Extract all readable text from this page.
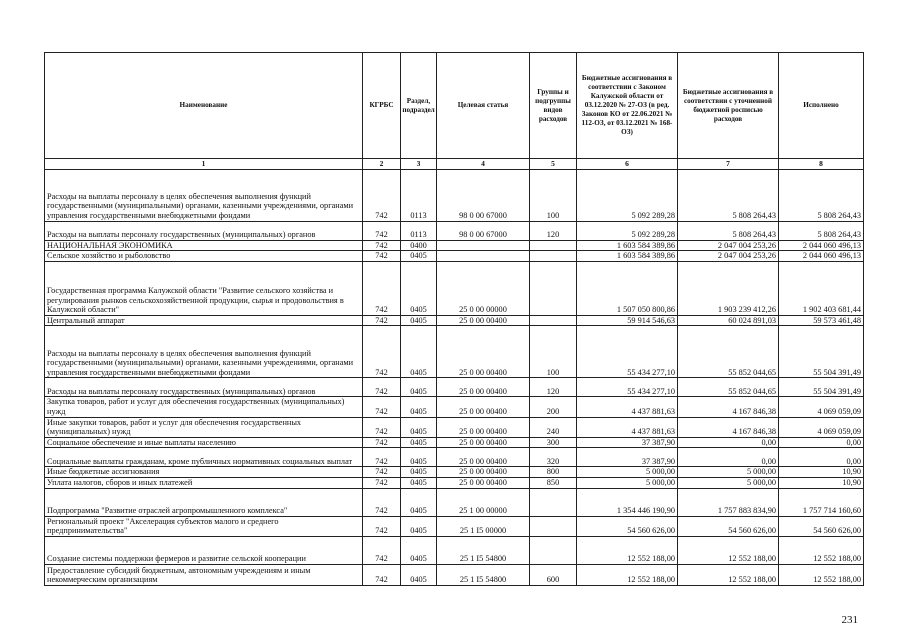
Наименование	КГРБС	Раздел, подраздел	Целевая статья	Группы и подгруппы видов расходов	Бюджетные ассигнования в соответствии с Законом Калужской области от 03.12.2020 № 27-ОЗ (в ред. Законов КО от 22.06.2021 № 112-ОЗ, от 03.12.2021 № 168-ОЗ)	Бюджетные ассигнования в соответствии с уточненной бюджетной росписью расходов	Исполнено
1	2	3	4	5	6	7	8
Расходы на выплаты персоналу в целях обеспечения выполнения функций государственными (муниципальными) органами, казенными учреждениями, органами управления государственными внебюджетными фондами	742	0113	98 0 00 67000	100	5 092 289,28	5 808 264,43	5 808 264,43
Расходы на выплаты персоналу государственных (муниципальных) органов	742	0113	98 0 00 67000	120	5 092 289,28	5 808 264,43	5 808 264,43
НАЦИОНАЛЬНАЯ ЭКОНОМИКА	742	0400			1 603 584 389,86	2 047 004 253,26	2 044 060 496,13
Сельское хозяйство и рыболовство	742	0405			1 603 584 389,86	2 047 004 253,26	2 044 060 496,13
Государственная программа Калужской области "Развитие сельского хозяйства и регулирования рынков сельскохозяйственной продукции, сырья и продовольствия в Калужской области"	742	0405	25 0 00 00000		1 507 050 800,86	1 903 239 412,26	1 902 403 681,44
Центральный аппарат	742	0405	25 0 00 00400		59 914 546,63	60 024 891,03	59 573 461,48
Расходы на выплаты персоналу в целях обеспечения выполнения функций государственными (муниципальными) органами, казенными учреждениями, органами управления государственными внебюджетными фондами	742	0405	25 0 00 00400	100	55 434 277,10	55 852 044,65	55 504 391,49
Расходы на выплаты персоналу государственных (муниципальных) органов	742	0405	25 0 00 00400	120	55 434 277,10	55 852 044,65	55 504 391,49
Закупка товаров, работ и услуг для обеспечения государственных (муниципальных) нужд	742	0405	25 0 00 00400	200	4 437 881,63	4 167 846,38	4 069 059,09
Иные закупки товаров, работ и услуг для обеспечения государственных (муниципальных) нужд	742	0405	25 0 00 00400	240	4 437 881,63	4 167 846,38	4 069 059,09
Социальное обеспечение и иные выплаты населению	742	0405	25 0 00 00400	300	37 387,90	0,00	0,00
Социальные выплаты гражданам, кроме публичных нормативных социальных выплат	742	0405	25 0 00 00400	320	37 387,90	0,00	0,00
Иные бюджетные ассигнования	742	0405	25 0 00 00400	800	5 000,00	5 000,00	10,90
Уплата налогов, сборов и иных платежей	742	0405	25 0 00 00400	850	5 000,00	5 000,00	10,90
Подпрограмма "Развитие отраслей агропромышленного комплекса"	742	0405	25 1 00 00000		1 354 446 190,90	1 757 883 834,90	1 757 714 160,60
Региональный проект "Акселерация субъектов малого и среднего предпринимательства"	742	0405	25 1 I5 00000		54 560 626,00	54 560 626,00	54 560 626,00
Создание системы поддержки фермеров и развитие сельской кооперации	742	0405	25 1 I5 54800		12 552 188,00	12 552 188,00	12 552 188,00
Предоставление субсидий бюджетным, автономным учреждениям и иным некоммерческим организациям	742	0405	25 1 I5 54800	600	12 552 188,00	12 552 188,00	12 552 188,00
231
